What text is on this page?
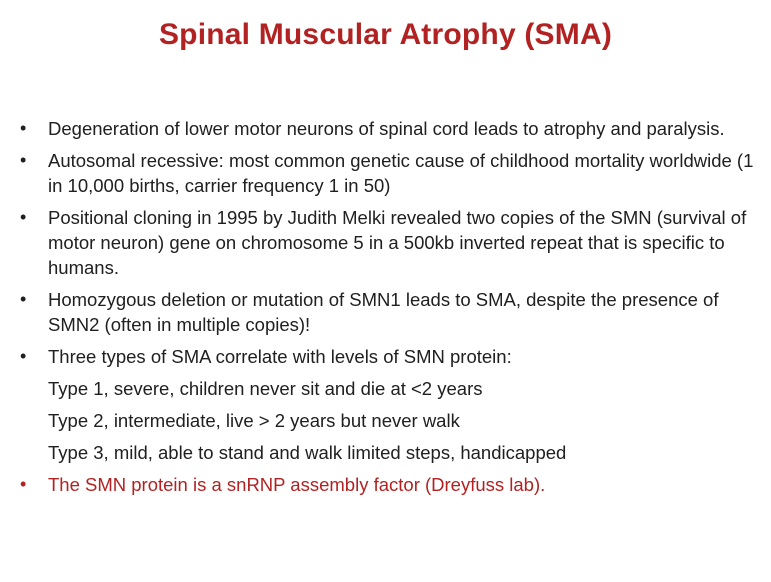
Spinal Muscular Atrophy (SMA)
• Degeneration of lower motor neurons of spinal cord leads to atrophy and paralysis.
• Autosomal recessive: most common genetic cause of childhood mortality worldwide (1 in 10,000 births, carrier frequency 1 in 50)
• Positional cloning in 1995 by Judith Melki revealed two copies of the SMN (survival of motor neuron) gene on chromosome 5 in a 500kb inverted repeat that is specific to humans.
• Homozygous deletion or mutation of SMN1 leads to SMA, despite the presence of SMN2 (often in multiple copies)!
• Three types of SMA correlate with levels of SMN protein:
Type 1, severe, children never sit and die at <2 years
Type 2, intermediate, live > 2 years but never walk
Type 3, mild, able to stand and walk limited steps, handicapped
• The SMN protein is a snRNP assembly factor (Dreyfuss lab).
